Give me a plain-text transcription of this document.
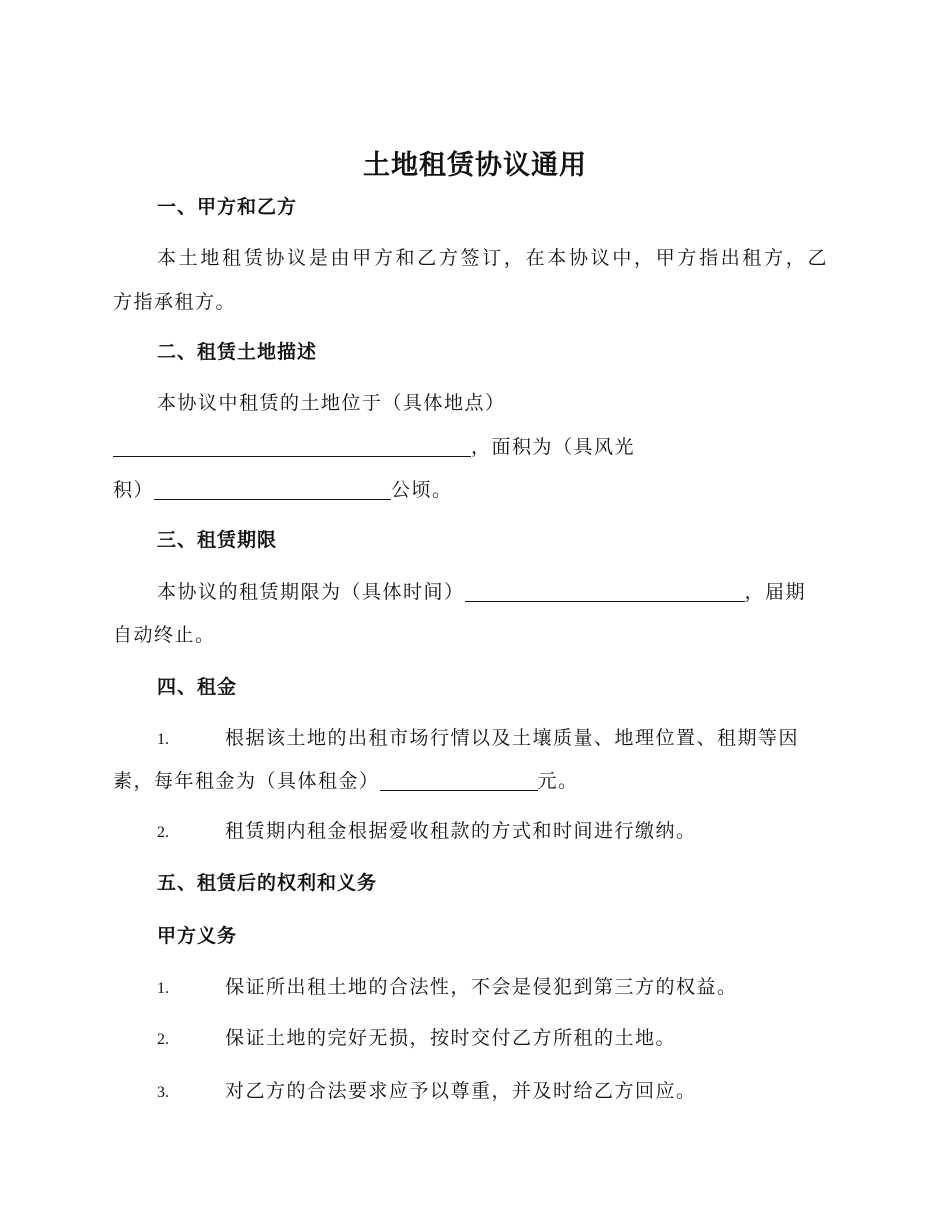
土地租赁协议通用
一、甲方和乙方
本土地租赁协议是由甲方和乙方签订，在本协议中，甲方指出租方，乙
方指承租方。
二、租赁土地描述
本协议中租赁的土地位于（具体地点）
，面积为（具风光
积）	公顷。
三、租赁期限
本协议的租赁期限为（具体时间）	，届期
自动终止。
四、租金
1.	根据该土地的出租市场行情以及土壤质量、地理位置、租期等因
素，每年租金为（具体租金）	元。
2.	租赁期内租金根据爱收租款的方式和时间进行缴纳。
五、租赁后的权利和义务
甲方义务
1.	保证所出租土地的合法性，不会是侵犯到第三方的权益。
2.	保证土地的完好无损，按时交付乙方所租的土地。
3.	对乙方的合法要求应予以尊重，并及时给乙方回应。
